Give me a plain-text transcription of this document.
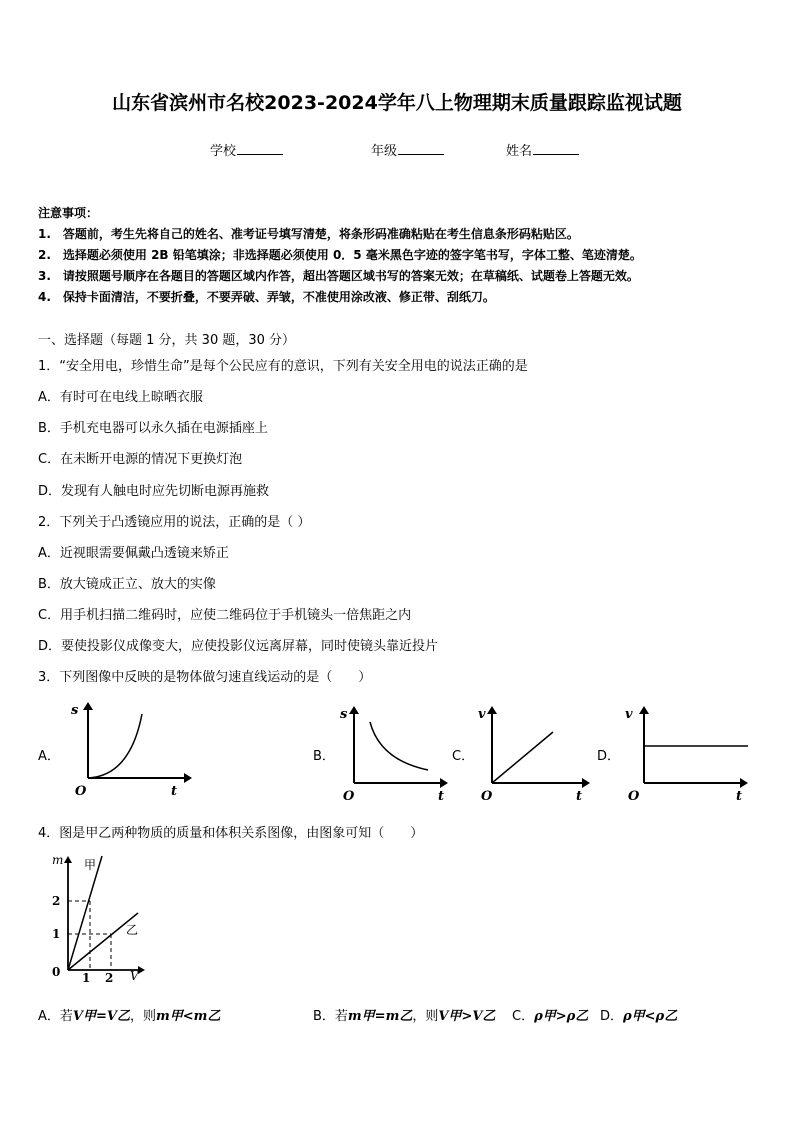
山东省滨州市名校2023-2024学年八上物理期末质量跟踪监视试题
学校	年级	姓名
注意事项：
1.　答题前，考生先将自己的姓名、准考证号填写清楚，将条形码准确粘贴在考生信息条形码粘贴区。
2.　选择题必须使用 2B 铅笔填涂；非选择题必须使用 0．5 毫米黑色字迹的签字笔书写，字体工整、笔迹清楚。
3.　请按照题号顺序在各题目的答题区域内作答，超出答题区域书写的答案无效；在草稿纸、试题卷上答题无效。
4.　保持卡面清洁，不要折叠，不要弄破、弄皱，不准使用涂改液、修正带、刮纸刀。
一、选择题（每题 1 分，共 30 题，30 分）
1．“安全用电，珍惜生命”是每个公民应有的意识，下列有关安全用电的说法正确的是
A．有时可在电线上晾晒衣服
B．手机充电器可以永久插在电源插座上
C．在未断开电源的情况下更换灯泡
D．发现有人触电时应先切断电源再施救
2．下列关于凸透镜应用的说法，正确的是（ ）
A．近视眼需要佩戴凸透镜来矫正
B．放大镜成正立、放大的实像
C．用手机扫描二维码时，应使二维码位于手机镜头一倍焦距之内
D．要使投影仪成像变大，应使投影仪远离屏幕，同时使镜头靠近投片
3．下列图像中反映的是物体做匀速直线运动的是（　　）
A．
s
t
O
B．
s
t
O
C．
v
t
O
D．
v
t
O
4．图是甲乙两种物质的质量和体积关系图像，由图象可知（　　）
m
V
0
1
2
1 2
甲
乙
A．若V甲=V乙，则m甲<m乙	B．若m甲=m乙，则V甲>V乙 C．ρ甲>ρ乙 D．ρ甲<ρ乙
